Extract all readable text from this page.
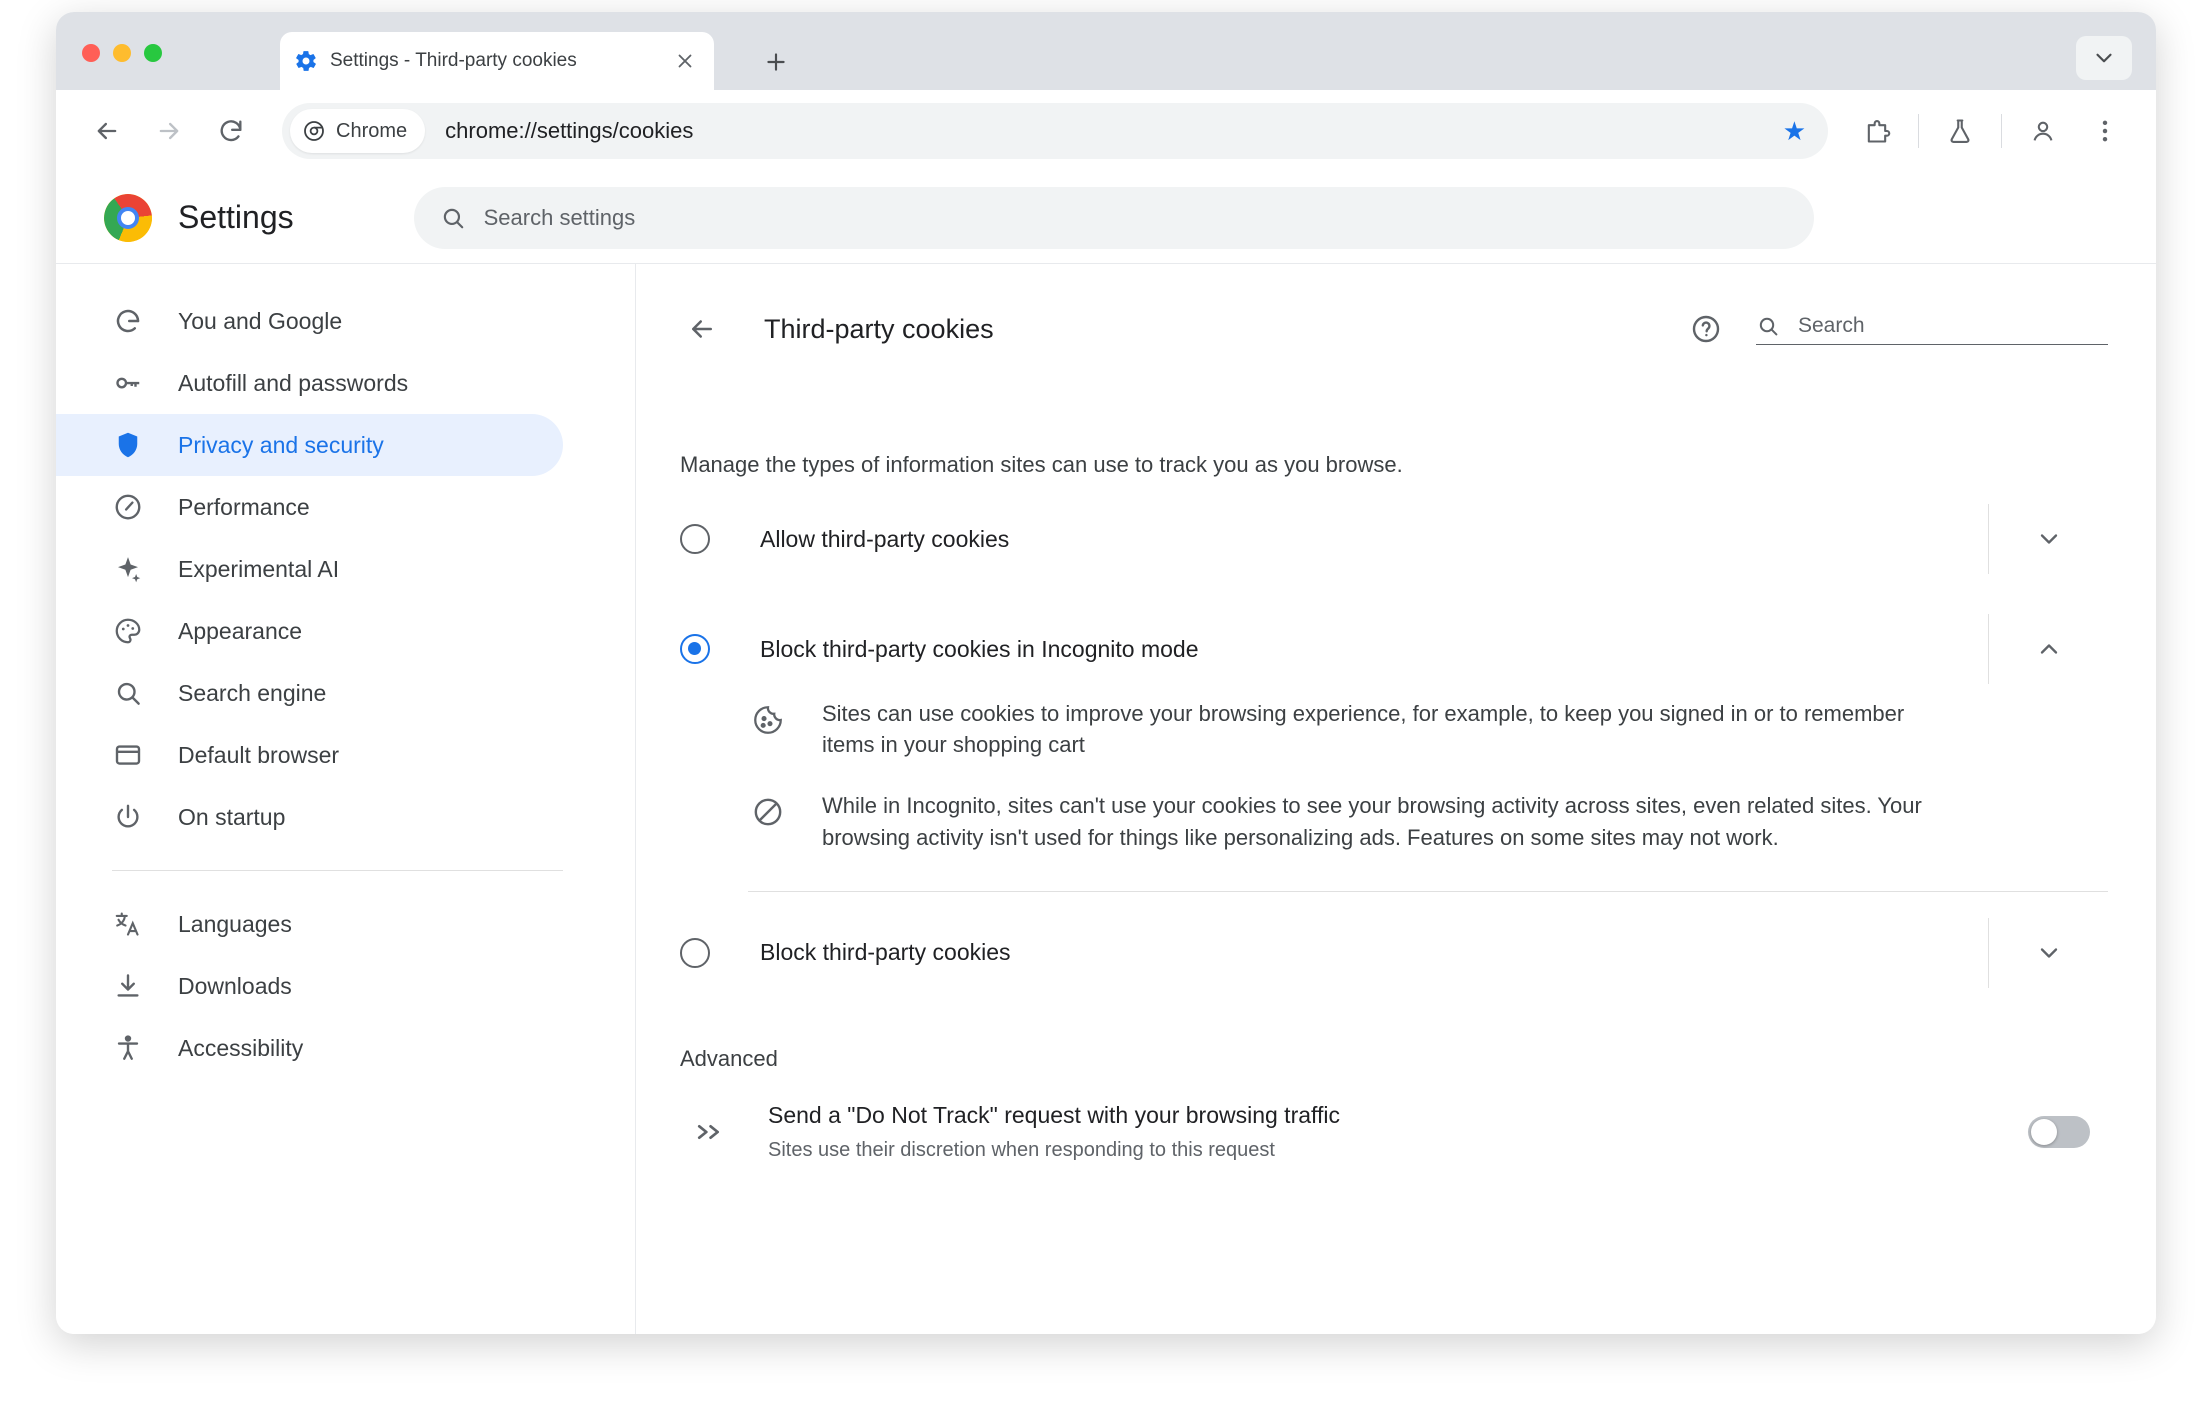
Settings - Third-party cookies
Chrome chrome://settings/cookies	★
Settings	Search settings
You and Google
Autofill and passwords
Privacy and security
Performance
Experimental AI
Appearance
Search engine
Default browser
On startup
Languages
Downloads
Accessibility
Third-party cookies	Search
Manage the types of information sites can use to track you as you browse.
Allow third-party cookies
Block third-party cookies in Incognito mode
Sites can use cookies to improve your browsing experience, for example, to keep you signed in or to remember items in your shopping cart
While in Incognito, sites can't use your cookies to see your browsing activity across sites, even related sites. Your browsing activity isn't used for things like personalizing ads. Features on some sites may not work.
Block third-party cookies
Advanced
Send a "Do Not Track" request with your browsing traffic
Sites use their discretion when responding to this request
